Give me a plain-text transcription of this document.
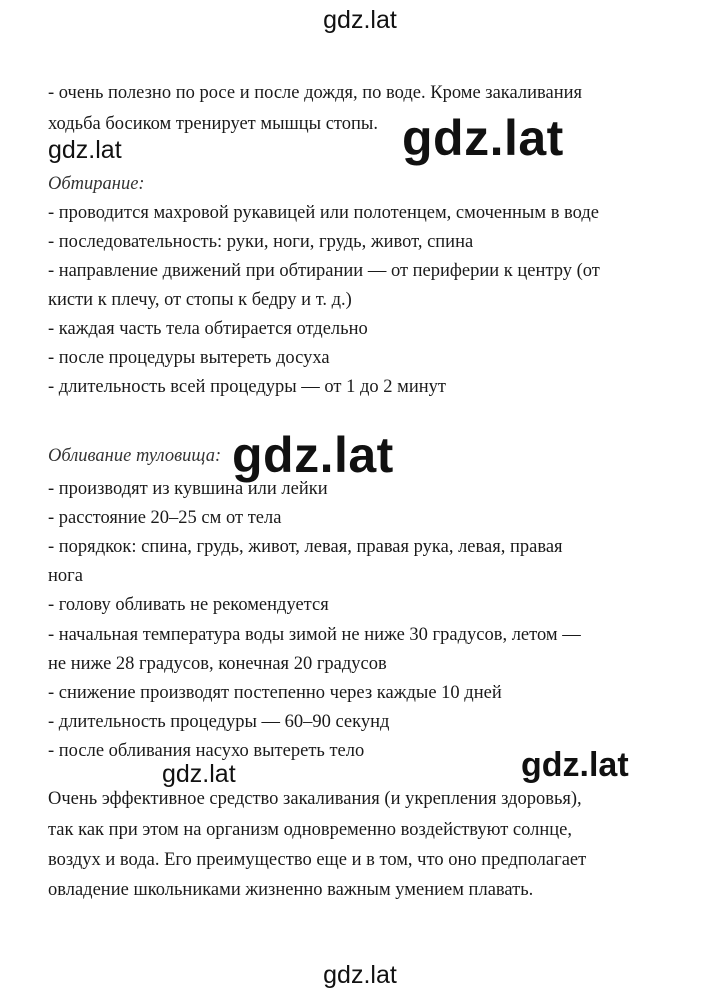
gdz.lat
- очень полезно по росе и после дождя, по воде. Кроме закаливания
ходьба босиком тренирует мышцы стопы.
gdz.lat	gdz.lat
Обтирание:
- проводится махровой рукавицей или полотенцем, смоченным в воде
- последовательность: руки, ноги, грудь, живот, спина
- направление движений при обтирании — от периферии к центру (от
кисти к плечу, от стопы к бедру и т. д.)
- каждая часть тела обтирается отдельно
- после процедуры вытереть досуха
- длительность всей процедуры — от 1 до 2 минут
Обливание туловища: gdz.lat
- производят из кувшина или лейки
- расстояние 20–25 см от тела
- порядкок: спина, грудь, живот, левая, правая рука, левая, правая
нога
- голову обливать не рекомендуется
- начальная температура воды зимой не ниже 30 градусов, летом —
не ниже 28 градусов, конечная 20 градусов
- снижение производят постепенно через каждые 10 дней
- длительность процедуры — 60–90 секунд
- после обливания насухо вытереть тело
gdz.lat	gdz.lat
Очень эффективное средство закаливания (и укрепления здоровья),
так как при этом на организм одновременно воздействуют солнце,
воздух и вода. Его преимущество еще и в том, что оно предполагает
овладение школьниками жизненно важным умением плавать.
gdz.lat
